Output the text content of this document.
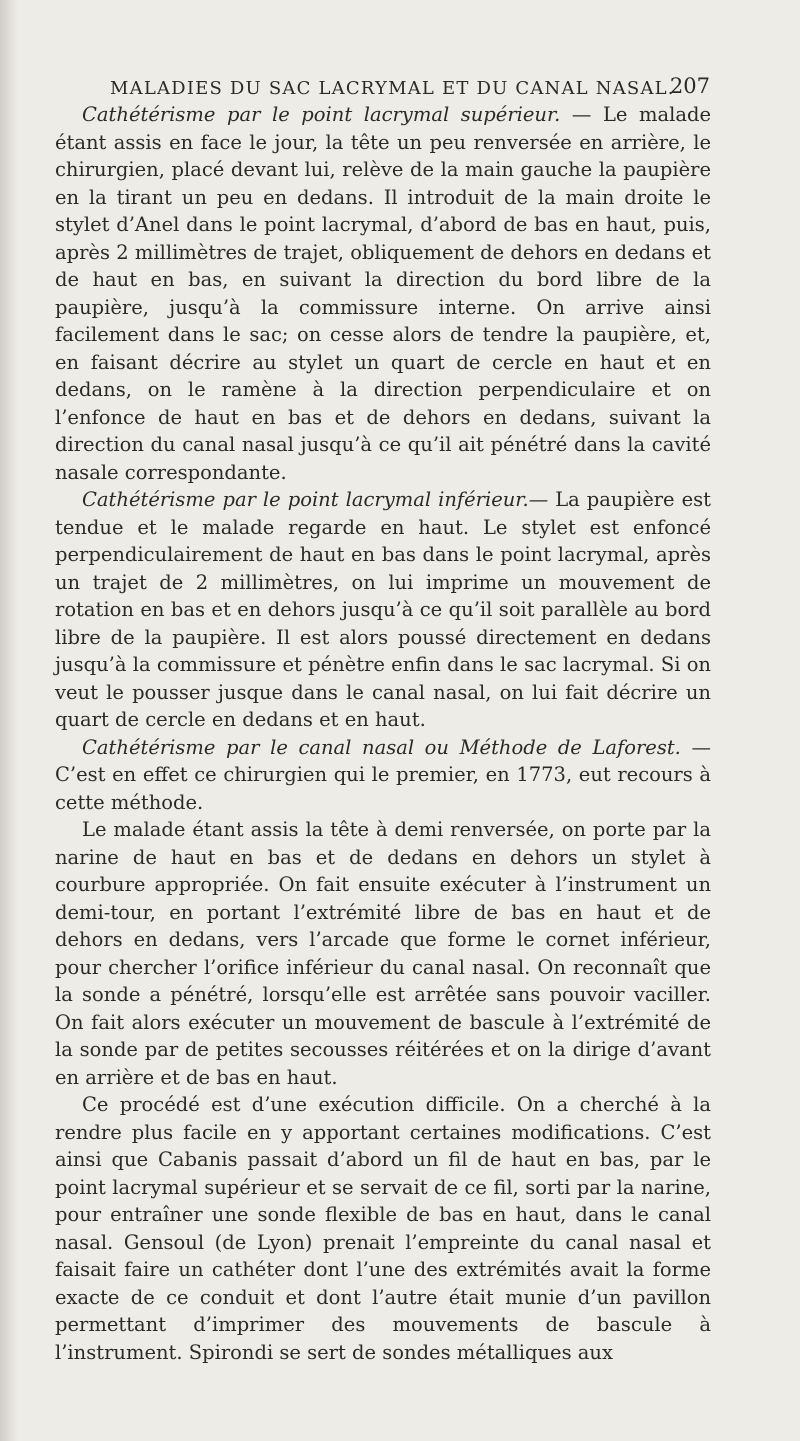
MALADIES DU SAC LACRYMAL ET DU CANAL NASAL.
207

Cathétérisme par le point lacrymal supérieur. — Le malade étant assis en face le jour, la tête un peu renversée en arrière, le chirurgien, placé devant lui, relève de la main gauche la paupière en la tirant un peu en dedans. Il introduit de la main droite le stylet d’Anel dans le point lacrymal, d’abord de bas en haut, puis, après 2 millimètres de trajet, obliquement de dehors en dedans et de haut en bas, en suivant la direction du bord libre de la paupière, jusqu’à la commissure interne. On arrive ainsi facilement dans le sac; on cesse alors de tendre la paupière, et, en faisant décrire au stylet un quart de cercle en haut et en dedans, on le ramène à la direction perpendiculaire et on l’enfonce de haut en bas et de dehors en dedans, suivant la direction du canal nasal jusqu’à ce qu’il ait pénétré dans la cavité nasale correspondante.

Cathétérisme par le point lacrymal inférieur.— La paupière est tendue et le malade regarde en haut. Le stylet est enfoncé perpendiculairement de haut en bas dans le point lacrymal, après un trajet de 2 millimètres, on lui imprime un mouvement de rotation en bas et en dehors jusqu’à ce qu’il soit parallèle au bord libre de la paupière. Il est alors poussé directement en dedans jusqu’à la commissure et pénètre enfin dans le sac lacrymal. Si on veut le pousser jusque dans le canal nasal, on lui fait décrire un quart de cercle en dedans et en haut.

Cathétérisme par le canal nasal ou Méthode de Laforest. — C’est en effet ce chirurgien qui le premier, en 1773, eut recours à cette méthode.

Le malade étant assis la tête à demi renversée, on porte par la narine de haut en bas et de dedans en dehors un stylet à courbure appropriée. On fait ensuite exécuter à l’instrument un demi-tour, en portant l’extrémité libre de bas en haut et de dehors en dedans, vers l’arcade que forme le cornet inférieur, pour chercher l’orifice inférieur du canal nasal. On reconnaît que la sonde a pénétré, lorsqu’elle est arrêtée sans pouvoir vaciller. On fait alors exécuter un mouvement de bascule à l’extrémité de la sonde par de petites secousses réitérées et on la dirige d’avant en arrière et de bas en haut.

Ce procédé est d’une exécution difficile. On a cherché à la rendre plus facile en y apportant certaines modifications. C’est ainsi que Cabanis passait d’abord un fil de haut en bas, par le point lacrymal supérieur et se servait de ce fil, sorti par la narine, pour entraîner une sonde flexible de bas en haut, dans le canal nasal. Gensoul (de Lyon) prenait l’empreinte du canal nasal et faisait faire un cathéter dont l’une des extrémités avait la forme exacte de ce conduit et dont l’autre était munie d’un pavillon permettant d’imprimer des mouvements de bascule à l’instrument. Spirondi se sert de sondes métalliques aux
